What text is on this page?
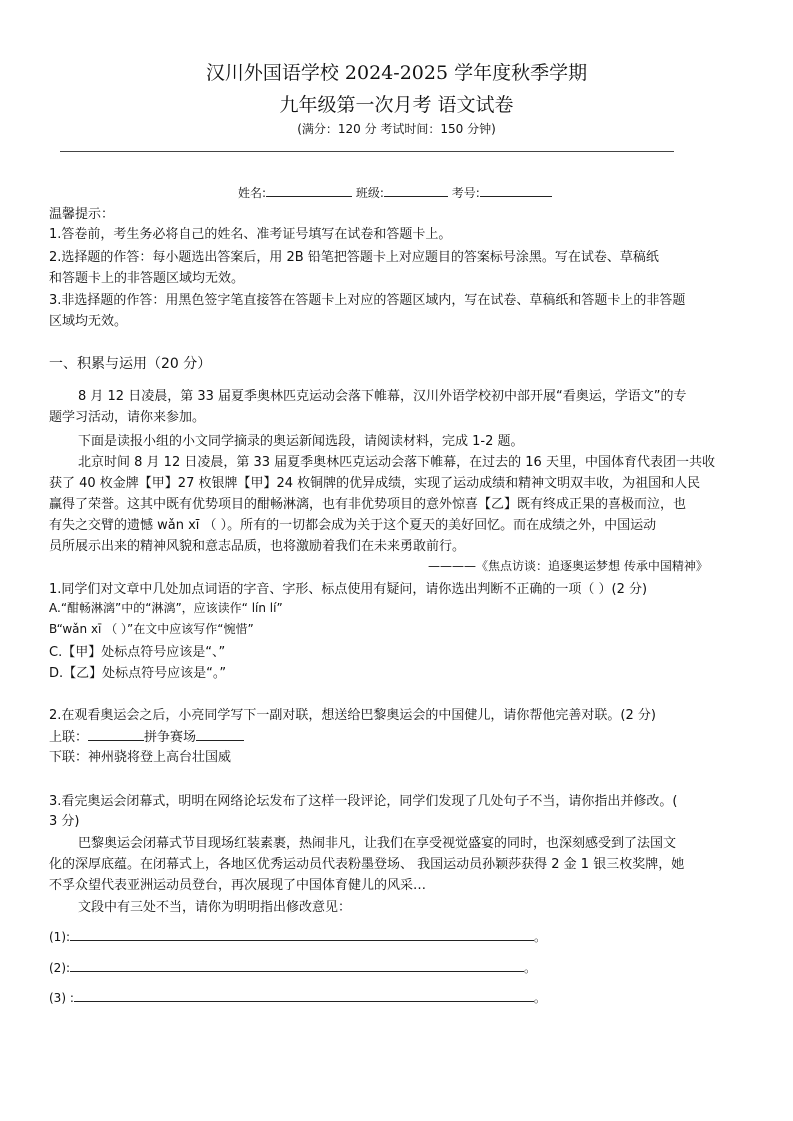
汉川外国语学校 2024-2025 学年度秋季学期
九年级第一次月考 语文试卷
(满分：120 分 考试时间：150 分钟)
姓名:	班级:	考号:
温馨提示：
1.答卷前，考生务必将自己的姓名、准考证号填写在试卷和答题卡上。
2.选择题的作答：每小题选出答案后，用 2B 铅笔把答题卡上对应题目的答案标号涂黑。写在试卷、草稿纸
和答题卡上的非答题区域均无效。
3.非选择题的作答：用黑色签字笔直接答在答题卡上对应的答题区域内，写在试卷、草稿纸和答题卡上的非答题
区域均无效。
一、积累与运用（20 分）
8 月 12 日凌晨，第 33 届夏季奥林匹克运动会落下帷幕，汉川外语学校初中部开展“看奥运，学语文”的专
题学习活动，请你来参加。
下面是读报小组的小文同学摘录的奥运新闻选段，请阅读材料，完成 1-2 题。
北京时间 8 月 12 日凌晨，第 33 届夏季奥林匹克运动会落下帷幕，在过去的 16 天里，中国体育代表团一共收
获了 40 枚金牌【甲】27 枚银牌【甲】24 枚铜牌的优异成绩，实现了运动成绩和精神文明双丰收，为祖国和人民
赢得了荣誉。这其中既有优势项目的酣畅淋漓，也有非优势项目的意外惊喜【乙】既有终成正果的喜极而泣，也
有失之交臂的遗憾 wǎn xī （ ）。所有的一切都会成为关于这个夏天的美好回忆。而在成绩之外，中国运动
员所展示出来的精神风貌和意志品质，也将激励着我们在未来勇敢前行。
————《焦点访谈：追逐奥运梦想 传承中国精神》
1.同学们对文章中几处加点词语的字音、字形、标点使用有疑问，请你选出判断不正确的一项（ ）(2 分)
A.“酣畅淋漓”中的“淋漓”，应该读作“ lín lí”
B“wǎn xī （ ）”在文中应该写作“惋惜”
C.【甲】处标点符号应该是“、”
D.【乙】处标点符号应该是“。”
2.在观看奥运会之后，小亮同学写下一副对联，想送给巴黎奥运会的中国健儿，请你帮他完善对联。(2 分)
上联：	拼争赛场
下联：神州骁将登上高台壮国威
3.看完奥运会闭幕式，明明在网络论坛发布了这样一段评论，同学们发现了几处句子不当，请你指出并修改。(
3 分)
巴黎奥运会闭幕式节目现场红装素裹，热闹非凡，让我们在享受视觉盛宴的同时，也深刻感受到了法国文
化的深厚底蕴。在闭幕式上，各地区优秀运动员代表粉墨登场、 我国运动员孙颖莎获得 2 金 1 银三枚奖牌，她
不孚众望代表亚洲运动员登台，再次展现了中国体育健儿的风采…
文段中有三处不当，请你为明明指出修改意见：
(1):	。
(2):	。
(3) :	。
